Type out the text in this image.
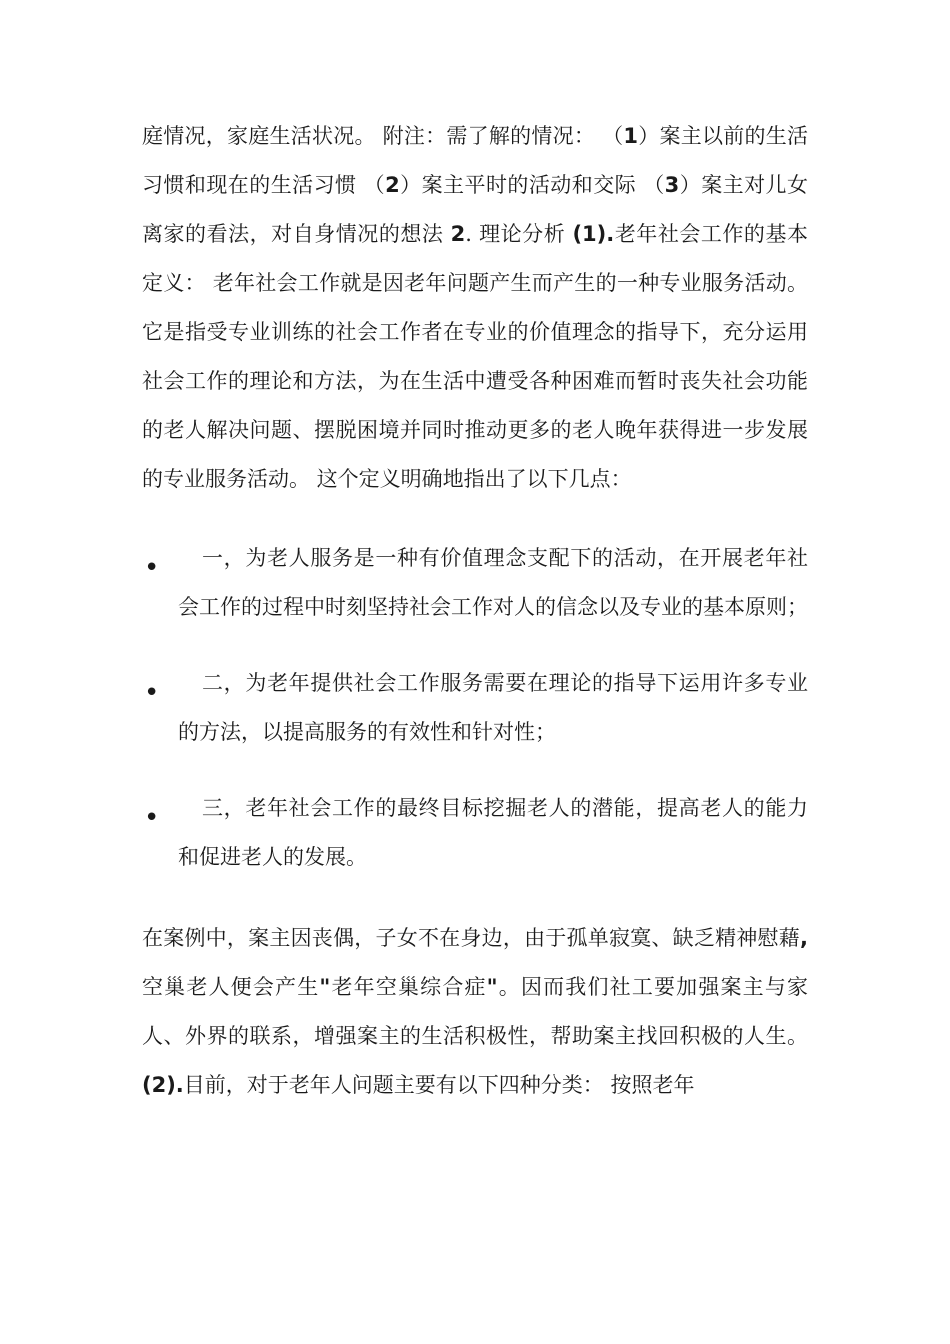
庭情况，家庭生活状况。 附注：需了解的情况： （1）案主以前的生活习惯和现在的生活习惯 （2）案主平时的活动和交际 （3）案主对儿女离家的看法，对自身情况的想法 2. 理论分析 (1).老年社会工作的基本定义： 老年社会工作就是因老年问题产生而产生的一种专业服务活动。它是指受专业训练的社会工作者在专业的价值理念的指导下，充分运用社会工作的理论和方法，为在生活中遭受各种困难而暂时丧失社会功能的老人解决问题、摆脱困境并同时推动更多的老人晚年获得进一步发展的专业服务活动。 这个定义明确地指出了以下几点：

•	一，为老人服务是一种有价值理念支配下的活动，在开展老年社会工作的过程中时刻坚持社会工作对人的信念以及专业的基本原则；
•	二，为老年提供社会工作服务需要在理论的指导下运用许多专业的方法，以提高服务的有效性和针对性；
•	三，老年社会工作的最终目标挖掘老人的潜能，提高老人的能力和促进老人的发展。

在案例中，案主因丧偶，子女不在身边，由于孤单寂寞、缺乏精神慰藉,空巢老人便会产生"老年空巢综合症"。因而我们社工要加强案主与家人、外界的联系，增强案主的生活积极性，帮助案主找回积极的人生。 (2).目前，对于老年人问题主要有以下四种分类： 按照老年
